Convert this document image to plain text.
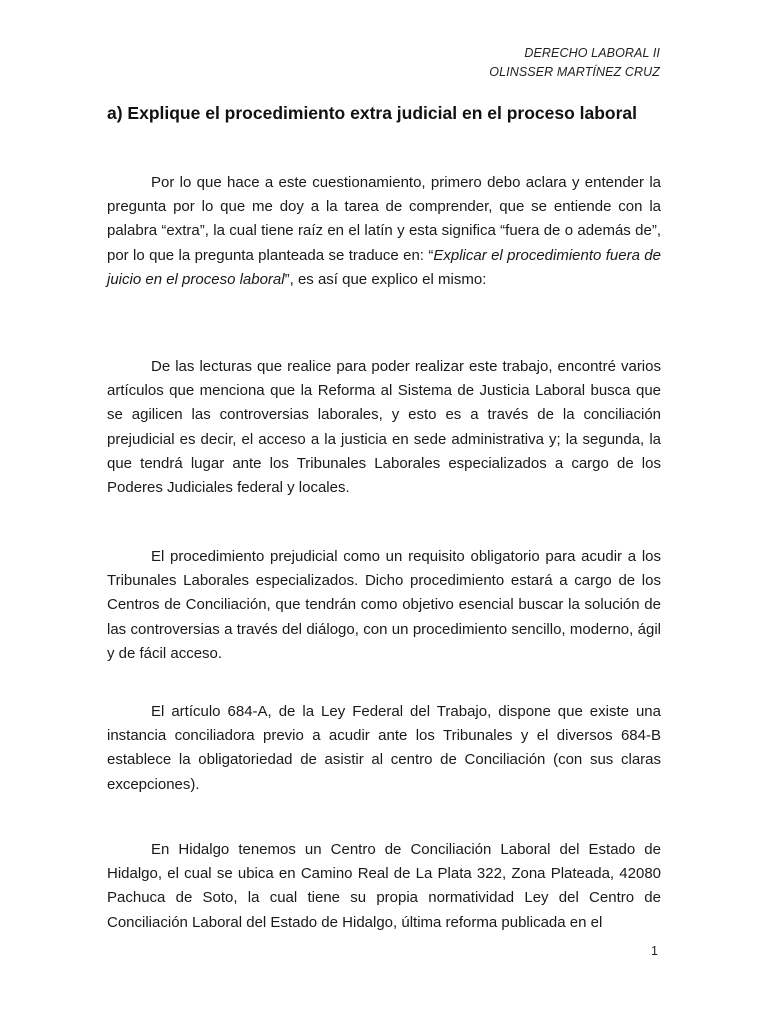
DERECHO LABORAL II
OLINSSER MARTÍNEZ CRUZ
a) Explique el procedimiento extra judicial en el proceso laboral

Por lo que hace a este cuestionamiento, primero debo aclara y entender la pregunta por lo que me doy a la tarea de comprender, que se entiende con la palabra “extra”, la cual tiene raíz en el latín y esta significa “fuera de o además de”, por lo que la pregunta planteada se traduce en: “Explicar el procedimiento fuera de juicio en el proceso laboral”, es así que explico el mismo:

De las lecturas que realice para poder realizar este trabajo, encontré varios artículos que menciona que la Reforma al Sistema de Justicia Laboral busca que se agilicen las controversias laborales, y esto es a través de la conciliación prejudicial es decir, el acceso a la justicia en sede administrativa y; la segunda, la que tendrá lugar ante los Tribunales Laborales especializados a cargo de los Poderes Judiciales federal y locales.

El procedimiento prejudicial como un requisito obligatorio para acudir a los Tribunales Laborales especializados. Dicho procedimiento estará a cargo de los Centros de Conciliación, que tendrán como objetivo esencial buscar la solución de las controversias a través del diálogo, con un procedimiento sencillo, moderno, ágil y de fácil acceso.

El artículo 684-A, de la Ley Federal del Trabajo, dispone que existe una instancia conciliadora previo a acudir ante los Tribunales y el diversos 684-B establece la obligatoriedad de asistir al centro de Conciliación (con sus claras excepciones).

En Hidalgo tenemos un Centro de Conciliación Laboral del Estado de Hidalgo, el cual se ubica en Camino Real de La Plata 322, Zona Plateada, 42080 Pachuca de Soto, la cual tiene su propia normatividad Ley del Centro de Conciliación Laboral del Estado de Hidalgo, última reforma publicada en el

1
